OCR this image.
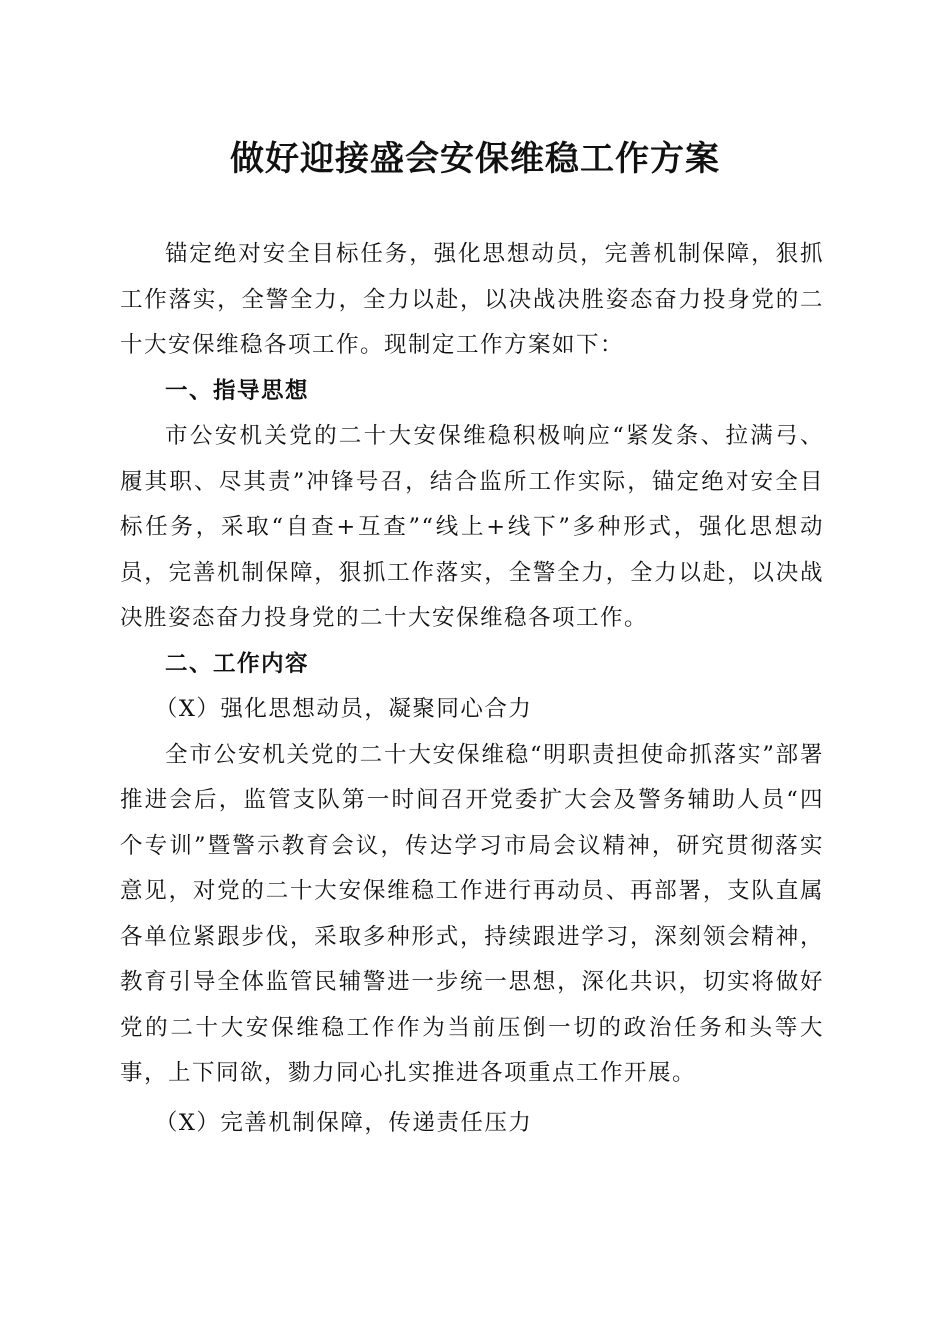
做好迎接盛会安保维稳工作方案

锚定绝对安全目标任务，强化思想动员，完善机制保障，狠抓工作落实，全警全力，全力以赴，以决战决胜姿态奋力投身党的二十大安保维稳各项工作。现制定工作方案如下：

一、指导思想

市公安机关党的二十大安保维稳积极响应“紧发条、拉满弓、履其职、尽其责”冲锋号召，结合监所工作实际，锚定绝对安全目标任务，采取“自查+互查”“线上+线下”多种形式，强化思想动员，完善机制保障，狠抓工作落实，全警全力，全力以赴，以决战决胜姿态奋力投身党的二十大安保维稳各项工作。

二、工作内容

（X）强化思想动员，凝聚同心合力

全市公安机关党的二十大安保维稳“明职责担使命抓落实”部署推进会后，监管支队第一时间召开党委扩大会及警务辅助人员“四个专训”暨警示教育会议，传达学习市局会议精神，研究贯彻落实意见，对党的二十大安保维稳工作进行再动员、再部署，支队直属各单位紧跟步伐，采取多种形式，持续跟进学习，深刻领会精神，教育引导全体监管民辅警进一步统一思想，深化共识，切实将做好党的二十大安保维稳工作作为当前压倒一切的政治任务和头等大事，上下同欲，勠力同心扎实推进各项重点工作开展。

（X）完善机制保障，传递责任压力
